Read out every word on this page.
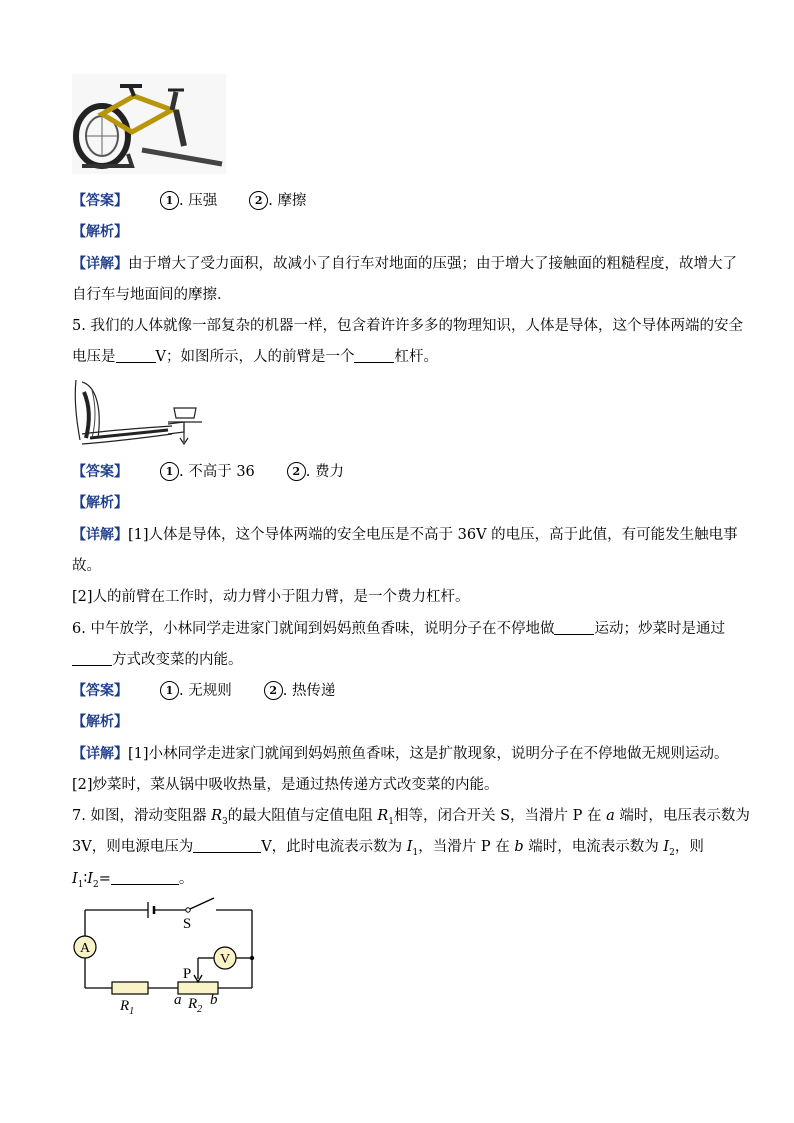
【答案】	1 . 压强	2 . 摩擦
【解析】
【详解】由于增大了受力面积，故减小了自行车对地面的压强；由于增大了接触面的粗糙程度，故增大了
自行车与地面间的摩擦．
5. 我们的人体就像一部复杂的机器一样，包含着许许多多的物理知识，人体是导体，这个导体两端的安全
电压是	V；如图所示，人的前臂是一个	杠杆。
【答案】	1 . 不高于 36	2 . 费力
【解析】
【详解】[1]人体是导体，这个导体两端的安全电压是不高于 36V 的电压，高于此值，有可能发生触电事
故。
[2]人的前臂在工作时，动力臂小于阻力臂，是一个费力杠杆。
6. 中午放学，小林同学走进家门就闻到妈妈煎鱼香味，说明分子在不停地做	运动；炒菜时是通过
方式改变菜的内能。
【答案】	1 . 无规则	2 . 热传递
【解析】
【详解】[1]小林同学走进家门就闻到妈妈煎鱼香味，这是扩散现象，说明分子在不停地做无规则运动。
[2]炒菜时，菜从锅中吸收热量，是通过热传递方式改变菜的内能。
7. 如图，滑动变阻器 $R_3$的最大阻值与定值电阻 $R_1$相等，闭合开关 S，当滑片 P 在 a 端时，电压表示数为
3V，则电源电压为	V，此时电流表示数为 $I_1$，当滑片 P 在 b 端时，电流表示数为 $I_2$，则
$I_1∶I_2=$	。
S
A
V
P
$R_1$
a $R_2$
b
